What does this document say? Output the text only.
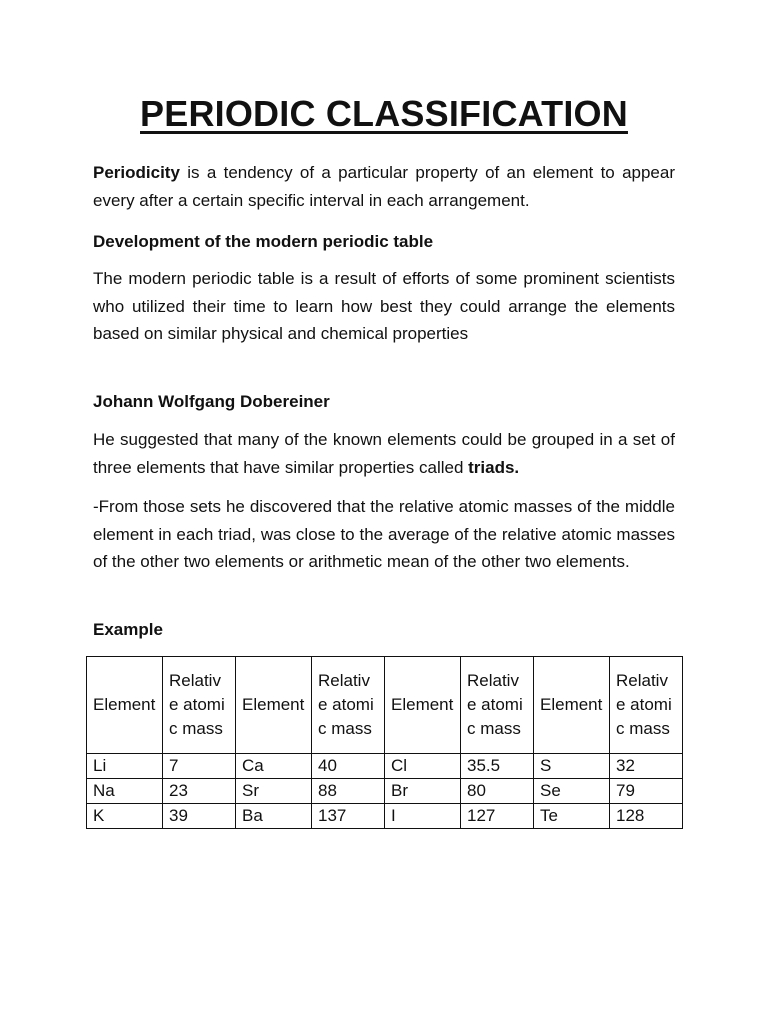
PERIODIC CLASSIFICATION
Periodicity is a tendency of a particular property of an element to appear every after a certain specific interval in each arrangement.
Development of the modern periodic table
The modern periodic table is a result of efforts of some prominent scientists who utilized their time to learn how best they could arrange the elements based on similar physical and chemical properties
Johann Wolfgang Dobereiner
He suggested that many of the known elements could be grouped in a set of three elements that have similar properties called triads.
-From those sets he discovered that the relative atomic masses of the middle element in each triad, was close to the average of the relative atomic masses of the other two elements or arithmetic mean of the other two elements.
Example
Element	Relative atomic mass	Element	Relative atomic mass	Element	Relative atomic mass	Element	Relative atomic mass
Li	7	Ca	40	Cl	35.5	S	32
Na	23	Sr	88	Br	80	Se	79
K	39	Ba	137	I	127	Te	128
